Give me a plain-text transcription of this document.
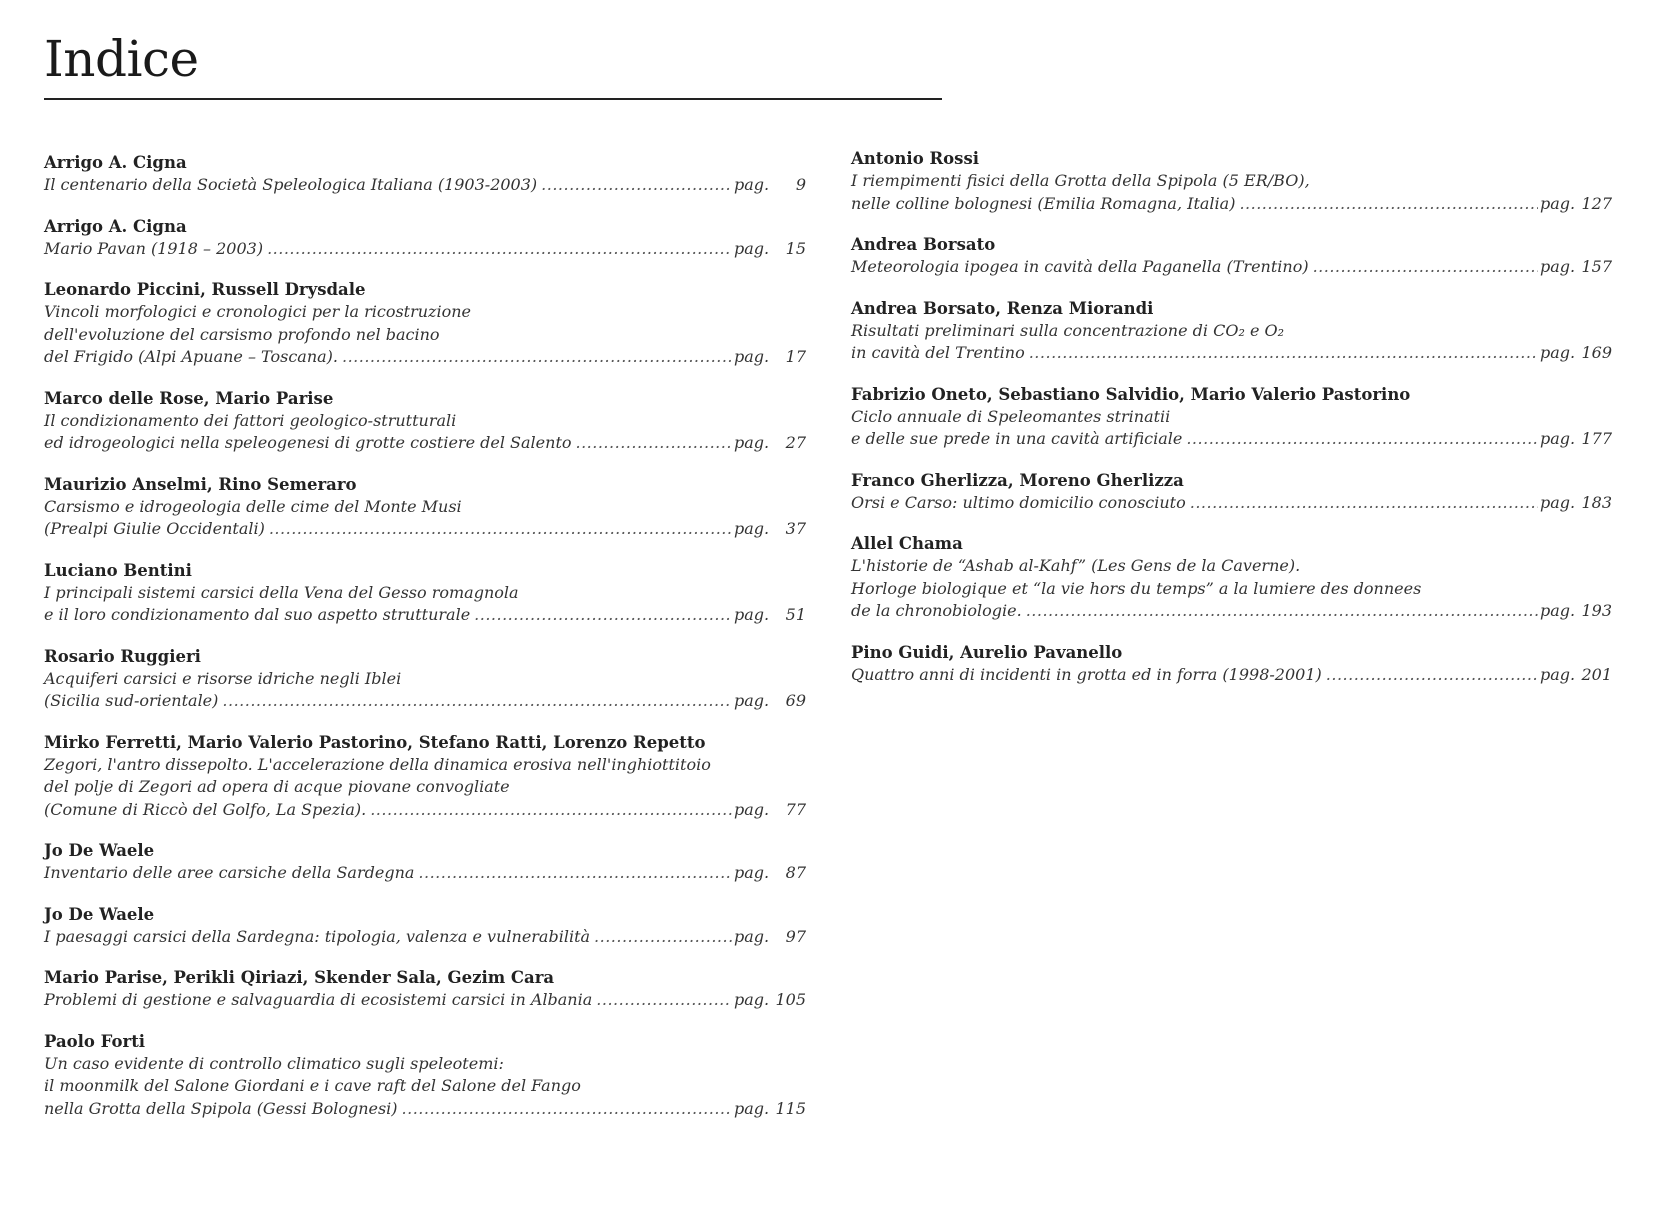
Indice
Arrigo A. Cigna
Il centenario della Società Speleologica Italiana (1903-2003) .....	pag. 9
Arrigo A. Cigna
Mario Pavan (1918 – 2003) .....	pag. 15
Leonardo Piccini, Russell Drysdale
Vincoli morfologici e cronologici per la ricostruzione
dell'evoluzione del carsismo profondo nel bacino
del Frigido (Alpi Apuane – Toscana). .....	pag. 17
Marco delle Rose, Mario Parise
Il condizionamento dei fattori geologico-strutturali
ed idrogeologici nella speleogenesi di grotte costiere del Salento .....	pag. 27
Maurizio Anselmi, Rino Semeraro
Carsismo e idrogeologia delle cime del Monte Musi
(Prealpi Giulie Occidentali) .....	pag. 37
Luciano Bentini
I principali sistemi carsici della Vena del Gesso romagnola
e il loro condizionamento dal suo aspetto strutturale .....	pag. 51
Rosario Ruggieri
Acquiferi carsici e risorse idriche negli Iblei
(Sicilia sud-orientale) .....	pag. 69
Mirko Ferretti, Mario Valerio Pastorino, Stefano Ratti, Lorenzo Repetto
Zegori, l'antro dissepolto. L'accelerazione della dinamica erosiva nell'inghiottitoio
del polje di Zegori ad opera di acque piovane convogliate
(Comune di Riccò del Golfo, La Spezia). .....	pag. 77
Jo De Waele
Inventario delle aree carsiche della Sardegna .....	pag. 87
Jo De Waele
I paesaggi carsici della Sardegna: tipologia, valenza e vulnerabilità .....	pag. 97
Mario Parise, Perikli Qiriazi, Skender Sala, Gezim Cara
Problemi di gestione e salvaguardia di ecosistemi carsici in Albania .....	pag. 105
Paolo Forti
Un caso evidente di controllo climatico sugli speleotemi:
il moonmilk del Salone Giordani e i cave raft del Salone del Fango
nella Grotta della Spipola (Gessi Bolognesi) .....	pag. 115
Antonio Rossi
I riempimenti fisici della Grotta della Spipola (5 ER/BO),
nelle colline bolognesi (Emilia Romagna, Italia) .....	pag. 127
Andrea Borsato
Meteorologia ipogea in cavità della Paganella (Trentino) .....	pag. 157
Andrea Borsato, Renza Miorandi
Risultati preliminari sulla concentrazione di CO₂ e O₂
in cavità del Trentino .....	pag. 169
Fabrizio Oneto, Sebastiano Salvidio, Mario Valerio Pastorino
Ciclo annuale di Speleomantes strinatii
e delle sue prede in una cavità artificiale .....	pag. 177
Franco Gherlizza, Moreno Gherlizza
Orsi e Carso: ultimo domicilio conosciuto .....	pag. 183
Allel Chama
L'historie de “Ashab al-Kahf” (Les Gens de la Caverne).
Horloge biologique et “la vie hors du temps” a la lumiere des donnees
de la chronobiologie. .....	pag. 193
Pino Guidi, Aurelio Pavanello
Quattro anni di incidenti in grotta ed in forra (1998-2001) .....	pag. 201
